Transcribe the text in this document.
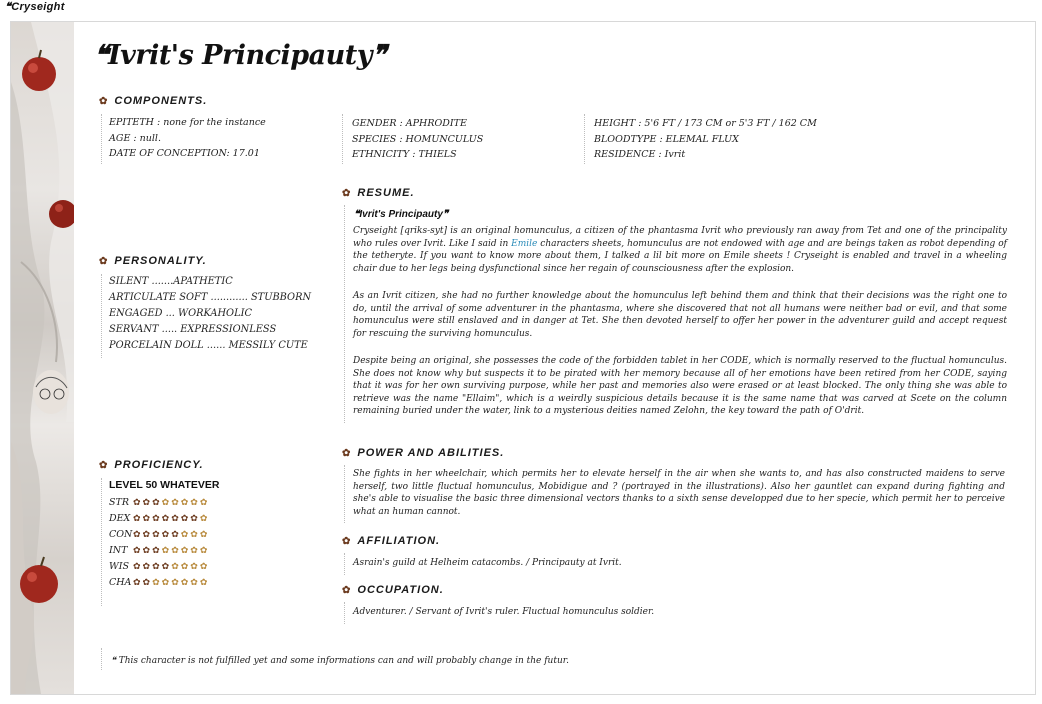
❝Cryseight
❝Ivrit's Principauty❞
✿ COMPONENTS.
EPITETH : none for the instance
AGE : null.
DATE OF CONCEPTION: 17.01
GENDER : APHRODITE
SPECIES : HOMUNCULUS
ETHNICITY : THIELS
HEIGHT : 5'6 FT / 173 CM or 5'3 FT / 162 CM
BLOODTYPE : ELEMAL FLUX
RESIDENCE : Ivrit
✿ PERSONALITY.
SILENT .......APATHETIC
ARTICULATE SOFT ............ STUBBORN
ENGAGED ... WORKAHOLIC
SERVANT ..... EXPRESSIONLESS
PORCELAIN DOLL ...... MESSILY CUTE
✿ PROFICIENCY.
LEVEL 50 WHATEVER
STR ✿ ✿ ✿ ✿ ✿ ✿ ✿ ✿
DEX ✿ ✿ ✿ ✿ ✿ ✿ ✿ ✿
CON ✿ ✿ ✿ ✿ ✿ ✿ ✿ ✿
INT ✿ ✿ ✿ ✿ ✿ ✿ ✿ ✿
WIS ✿ ✿ ✿ ✿ ✿ ✿ ✿ ✿
CHA ✿ ✿ ✿ ✿ ✿ ✿ ✿ ✿
✿ RESUME.
❝Ivrit's Principauty❞
Cryseight [qriks-syt] is an original homunculus, a citizen of the phantasma Ivrit who previously ran away from Tet and one of the principality who rules over Ivrit. Like I said in Emile characters sheets, homunculus are not endowed with age and are beings taken as robot depending of the tetheryte. If you want to know more about them, I talked a lil bit more on Emile sheets ! Cryseight is enabled and travel in a wheeling chair due to her legs being dysfunctional since her regain of counsciousness after the explosion.
As an Ivrit citizen, she had no further knowledge about the homunculus left behind them and think that their decisions was the right one to do, until the arrival of some adventurer in the phantasma, where she discovered that not all humans were neither bad or evil, and that some homunculus were still enslaved and in danger at Tet. She then devoted herself to offer her power in the adventurer guild and accept request for rescuing the surviving homunculus.
Despite being an original, she possesses the code of the forbidden tablet in her CODE, which is normally reserved to the fluctual homunculus. She does not know why but suspects it to be pirated with her memory because all of her emotions have been retired from her CODE, saying that it was for her own surviving purpose, while her past and memories also were erased or at least blocked. The only thing she was able to retrieve was the name "Ellaim", which is a weirdly suspicious details because it is the same name that was carved at Scete on the column remaining buried under the water, link to a mysterious deities named Zelohn, the key toward the path of O'drit.
✿ POWER AND ABILITIES.
She fights in her wheelchair, which permits her to elevate herself in the air when she wants to, and has also constructed maidens to serve herself, two little fluctual homunculus, Mobidigue and ? (portrayed in the illustrations). Also her gauntlet can expand during fighting and she's able to visualise the basic three dimensional vectors thanks to a sixth sense developped due to her specie, which permit her to perceive what an human cannot.
✿ AFFILIATION.
Asrain's guild at Helheim catacombs. / Principauty at Ivrit.
✿ OCCUPATION.
Adventurer. / Servant of Ivrit's ruler. Fluctual homunculus soldier.
❝ This character is not fulfilled yet and some informations can and will probably change in the futur.
